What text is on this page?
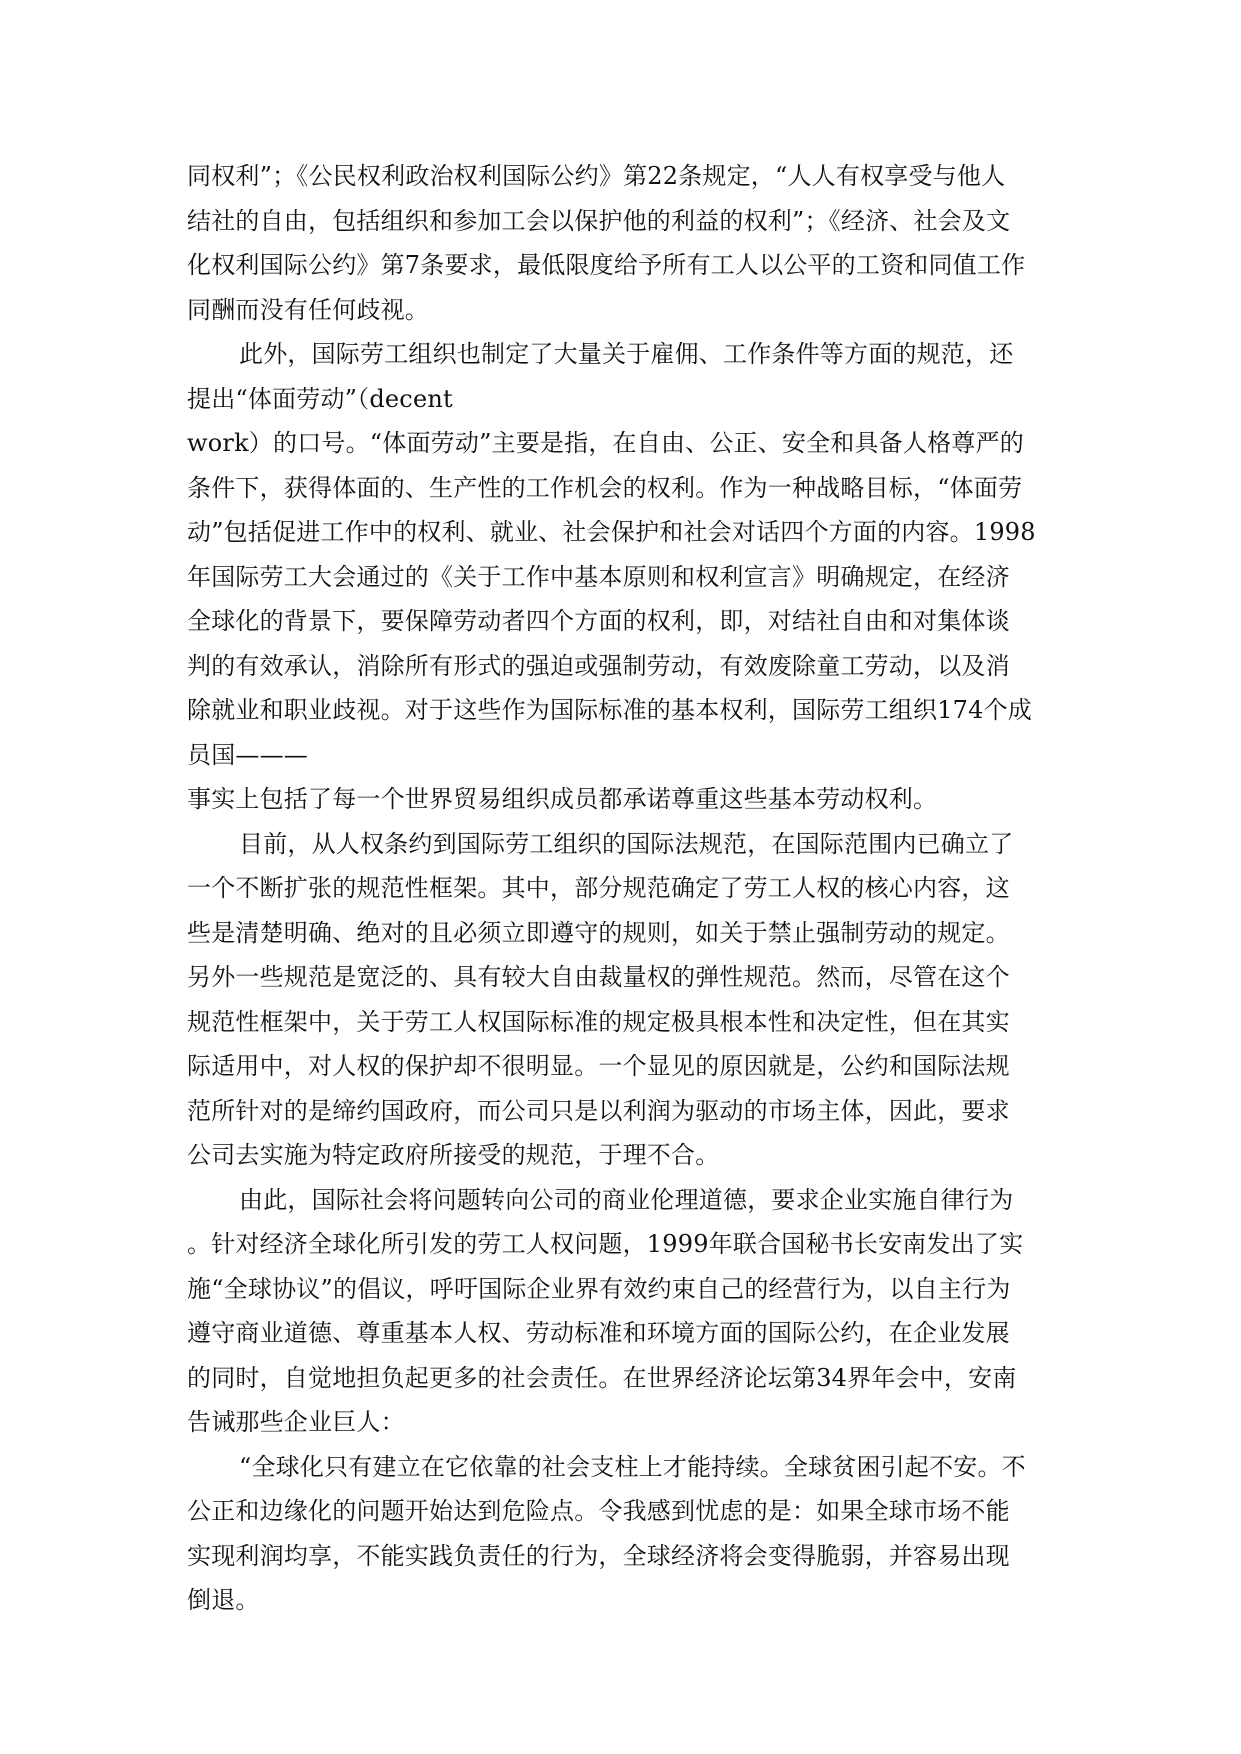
同权利”；《公民权利政治权利国际公约》第22条规定，“人人有权享受与他人
结社的自由，包括组织和参加工会以保护他的利益的权利”；《经济、社会及文
化权利国际公约》第7条要求，最低限度给予所有工人以公平的工资和同值工作
同酬而没有任何歧视。
此外，国际劳工组织也制定了大量关于雇佣、工作条件等方面的规范，还
提出“体面劳动”（decent
work）的口号。“体面劳动”主要是指，在自由、公正、安全和具备人格尊严的
条件下，获得体面的、生产性的工作机会的权利。作为一种战略目标，“体面劳
动”包括促进工作中的权利、就业、社会保护和社会对话四个方面的内容。1998
年国际劳工大会通过的《关于工作中基本原则和权利宣言》明确规定，在经济
全球化的背景下，要保障劳动者四个方面的权利，即，对结社自由和对集体谈
判的有效承认，消除所有形式的强迫或强制劳动，有效废除童工劳动，以及消
除就业和职业歧视。对于这些作为国际标准的基本权利，国际劳工组织174个成
员国———
事实上包括了每一个世界贸易组织成员都承诺尊重这些基本劳动权利。
目前，从人权条约到国际劳工组织的国际法规范，在国际范围内已确立了
一个不断扩张的规范性框架。其中，部分规范确定了劳工人权的核心内容，这
些是清楚明确、绝对的且必须立即遵守的规则，如关于禁止强制劳动的规定。
另外一些规范是宽泛的、具有较大自由裁量权的弹性规范。然而，尽管在这个
规范性框架中，关于劳工人权国际标准的规定极具根本性和决定性，但在其实
际适用中，对人权的保护却不很明显。一个显见的原因就是，公约和国际法规
范所针对的是缔约国政府，而公司只是以利润为驱动的市场主体，因此，要求
公司去实施为特定政府所接受的规范，于理不合。
由此，国际社会将问题转向公司的商业伦理道德，要求企业实施自律行为
。针对经济全球化所引发的劳工人权问题，1999年联合国秘书长安南发出了实
施“全球协议”的倡议，呼吁国际企业界有效约束自己的经营行为，以自主行为
遵守商业道德、尊重基本人权、劳动标准和环境方面的国际公约，在企业发展
的同时，自觉地担负起更多的社会责任。在世界经济论坛第34界年会中，安南
告诫那些企业巨人：
“全球化只有建立在它依靠的社会支柱上才能持续。全球贫困引起不安。不
公正和边缘化的问题开始达到危险点。令我感到忧虑的是：如果全球市场不能
实现利润均享，不能实践负责任的行为，全球经济将会变得脆弱，并容易出现
倒退。
